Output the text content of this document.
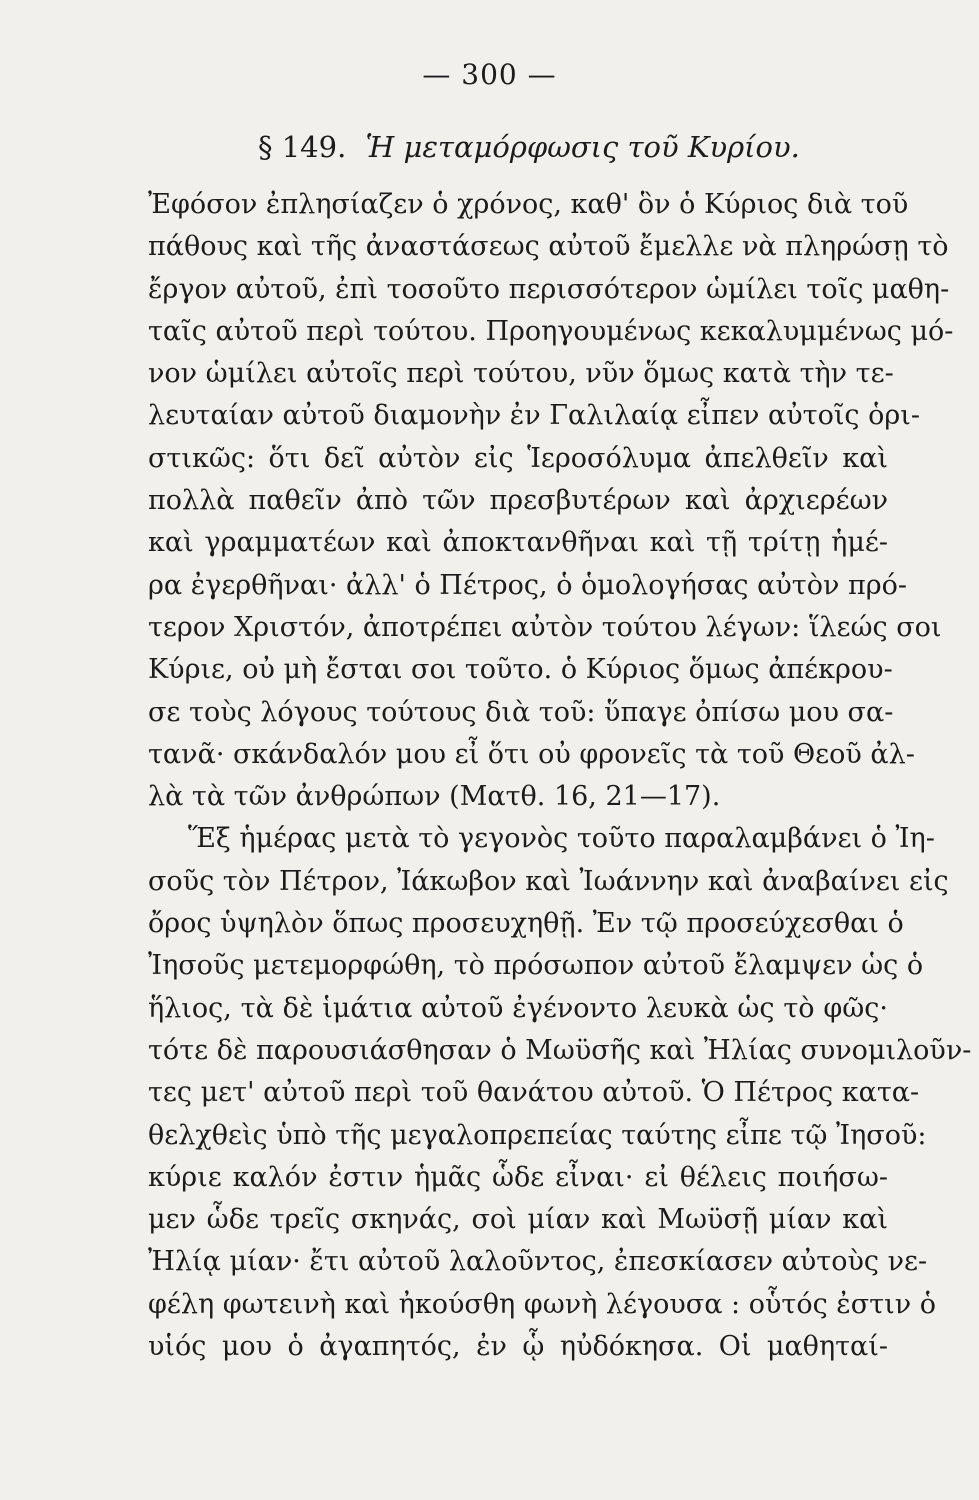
— 300 —
§ 149. Ἡ μεταμόρφωσις τοῦ Κυρίου.
Ἐφόσον ἐπλησίαζεν ὁ χρόνος, καθ' ὃν ὁ Κύριος διὰ τοῦ
πάθους καὶ τῆς ἀναστάσεως αὐτοῦ ἔμελλε νὰ πληρώσῃ τὸ
ἔργον αὐτοῦ, ἐπὶ τοσοῦτο περισσότερον ὡμίλει τοῖς μαθη-
ταῖς αὐτοῦ περὶ τούτου. Προηγουμένως κεκαλυμμένως μό-
νον ὡμίλει αὐτοῖς περὶ τούτου, νῦν ὅμως κατὰ τὴν τε-
λευταίαν αὐτοῦ διαμονὴν ἐν Γαλιλαίᾳ εἶπεν αὐτοῖς ὁρι-
στικῶς: ὅτι δεῖ αὐτὸν εἰς Ἱεροσόλυμα ἀπελθεῖν καὶ
πολλὰ παθεῖν ἀπὸ τῶν πρεσβυτέρων καὶ ἀρχιερέων
καὶ γραμματέων καὶ ἀποκτανθῆναι καὶ τῇ τρίτῃ ἡμέ-
ρα ἐγερθῆναι· ἀλλ' ὁ Πέτρος, ὁ ὁμολογήσας αὐτὸν πρό-
τερον Χριστόν, ἀποτρέπει αὐτὸν τούτου λέγων: ἵλεώς σοι
Κύριε, οὐ μὴ ἔσται σοι τοῦτο. ὁ Κύριος ὅμως ἀπέκρου-
σε τοὺς λόγους τούτους διὰ τοῦ: ὕπαγε ὀπίσω μου σα-
τανᾶ· σκάνδαλόν μου εἶ ὅτι οὐ φρονεῖς τὰ τοῦ Θεοῦ ἀλ-
λὰ τὰ τῶν ἀνθρώπων (Ματθ. 16, 21—17).
Ἕξ ἡμέρας μετὰ τὸ γεγονὸς τοῦτο παραλαμβάνει ὁ Ἰη-
σοῦς τὸν Πέτρον, Ἰάκωβον καὶ Ἰωάννην καὶ ἀναβαίνει εἰς
ὄρος ὑψηλὸν ὅπως προσευχηθῇ. Ἐν τῷ προσεύχεσθαι ὁ
Ἰησοῦς μετεμορφώθη, τὸ πρόσωπον αὐτοῦ ἔλαμψεν ὡς ὁ
ἥλιος, τὰ δὲ ἱμάτια αὐτοῦ ἐγένοντο λευκὰ ὡς τὸ φῶς·
τότε δὲ παρουσιάσθησαν ὁ Μωϋσῆς καὶ Ἠλίας συνομιλοῦν-
τες μετ' αὐτοῦ περὶ τοῦ θανάτου αὐτοῦ. Ὁ Πέτρος κατα-
θελχθεὶς ὑπὸ τῆς μεγαλοπρεπείας ταύτης εἶπε τῷ Ἰησοῦ:
κύριε καλόν ἐστιν ἡμᾶς ὧδε εἶναι· εἰ θέλεις ποιήσω-
μεν ὧδε τρεῖς σκηνάς, σοὶ μίαν καὶ Μωϋσῇ μίαν καὶ
Ἠλίᾳ μίαν· ἔτι αὐτοῦ λαλοῦντος, ἐπεσκίασεν αὐτοὺς νε-
φέλη φωτεινὴ καὶ ἠκούσθη φωνὴ λέγουσα : οὗτός ἐστιν ὁ
υἱός μου ὁ ἀγαπητός, ἐν ᾧ ηὐδόκησα. Οἱ μαθηταί-
